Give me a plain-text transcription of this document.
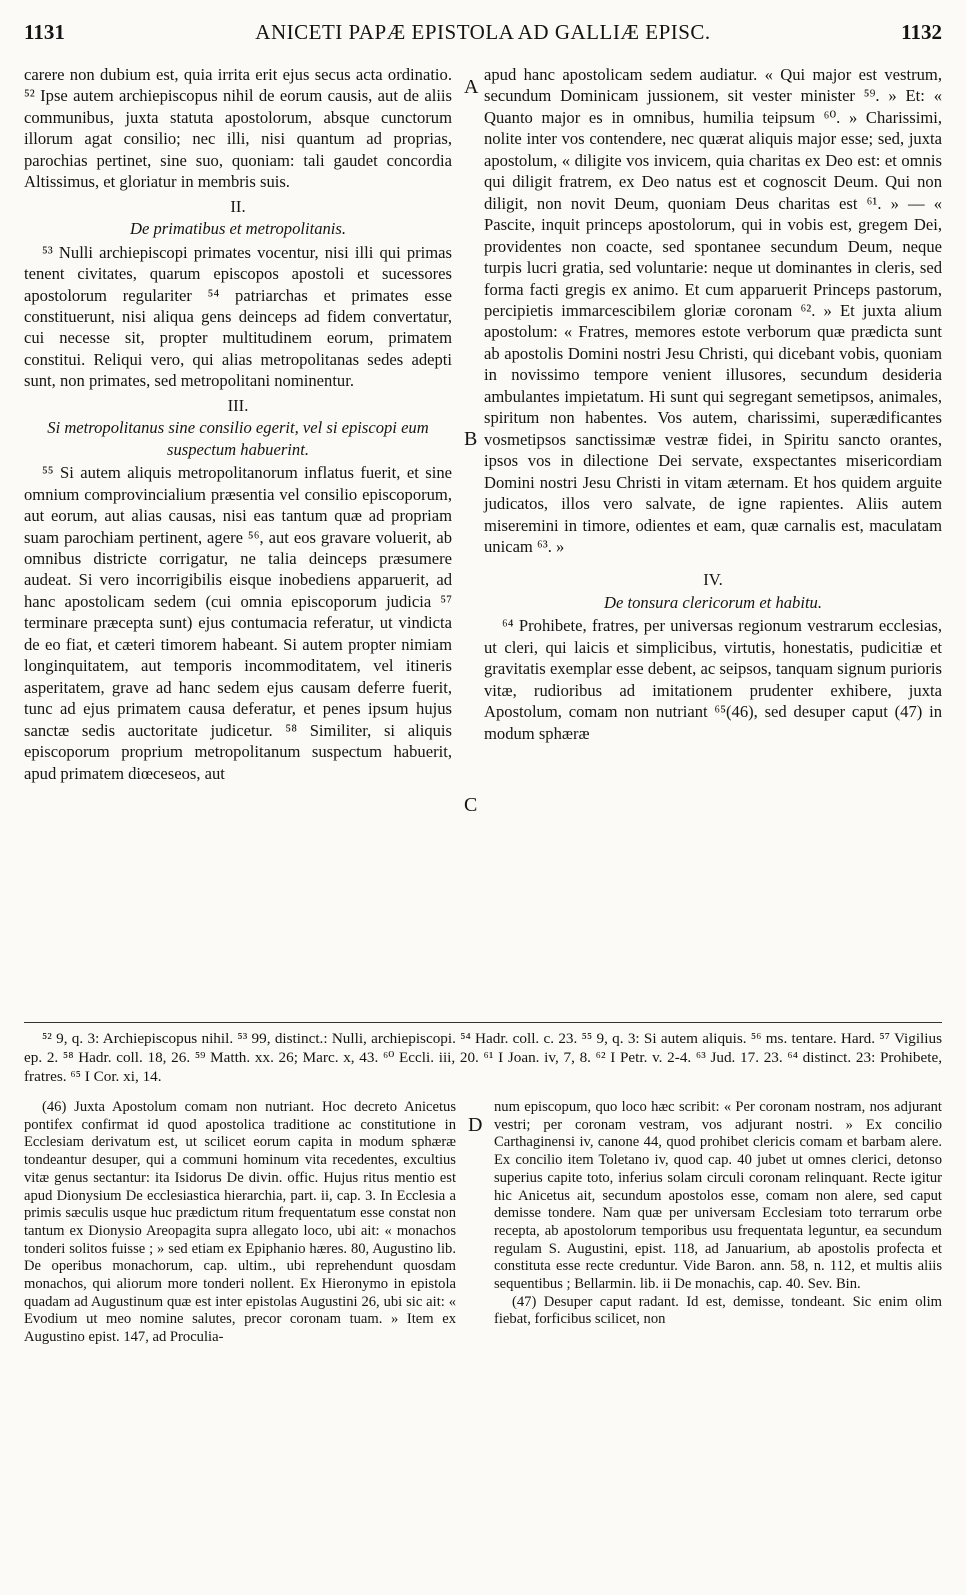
1131	ANICETI PAPÆ EPISTOLA AD GALLIÆ EPISC.	1132
A
B
C
D

carere non dubium est, quia irrita erit ejus secus acta ordinatio. ⁵² Ipse autem archiepiscopus nihil de eorum causis, aut de aliis communibus, juxta statuta apostolorum, absque cunctorum illorum agat consilio; nec illi, nisi quantum ad proprias, parochias pertinet, sine suo, quoniam: tali gaudet concordia Altissimus, et gloriatur in membris suis.

II.
De primatibus et metropolitanis.

⁵³ Nulli archiepiscopi primates vocentur, nisi illi qui primas tenent civitates, quarum episcopos apostoli et sucessores apostolorum regulariter ⁵⁴ patriarchas et primates esse constituerunt, nisi aliqua gens deinceps ad fidem convertatur, cui necesse sit, propter multitudinem eorum, primatem constitui. Reliqui vero, qui alias metropolitanas sedes adepti sunt, non primates, sed metropolitani nominentur.

III.
Si metropolitanus sine consilio egerit, vel si episcopi eum suspectum habuerint.

⁵⁵ Si autem aliquis metropolitanorum inflatus fuerit, et sine omnium comprovincialium præsentia vel consilio episcoporum, aut eorum, aut alias causas, nisi eas tantum quæ ad propriam suam parochiam pertinent, agere ⁵⁶, aut eos gravare voluerit, ab omnibus districte corrigatur, ne talia deinceps præsumere audeat. Si vero incorrigibilis eisque inobediens apparuerit, ad hanc apostolicam sedem (cui omnia episcoporum judicia ⁵⁷ terminare præcepta sunt) ejus contumacia referatur, ut vindicta de eo fiat, et cæteri timorem habeant. Si autem propter nimiam longinquitatem, aut temporis incommoditatem, vel itineris asperitatem, grave ad hanc sedem ejus causam deferre fuerit, tunc ad ejus primatem causa deferatur, et penes ipsum hujus sanctæ sedis auctoritate judicetur. ⁵⁸ Similiter, si aliquis episcoporum proprium metropolitanum suspectum habuerit, apud primatem diœceseos, aut

apud hanc apostolicam sedem audiatur. « Qui major est vestrum, secundum Dominicam jussionem, sit vester minister ⁵⁹. » Et: « Quanto major es in omnibus, humilia teipsum ⁶⁰. » Charissimi, nolite inter vos contendere, nec quærat aliquis major esse; sed, juxta apostolum, « diligite vos invicem, quia charitas ex Deo est: et omnis qui diligit fratrem, ex Deo natus est et cognoscit Deum. Qui non diligit, non novit Deum, quoniam Deus charitas est ⁶¹. » — « Pascite, inquit princeps apostolorum, qui in vobis est, gregem Dei, providentes non coacte, sed spontanee secundum Deum, neque turpis lucri gratia, sed voluntarie: neque ut dominantes in cleris, sed forma facti gregis ex animo. Et cum apparuerit Princeps pastorum, percipietis immarcescibilem gloriæ coronam ⁶². » Et juxta alium apostolum: « Fratres, memores estote verborum quæ prædicta sunt ab apostolis Domini nostri Jesu Christi, qui dicebant vobis, quoniam in novissimo tempore venient illusores, secundum desideria ambulantes impietatum. Hi sunt qui segregant semetipsos, animales, spiritum non habentes. Vos autem, charissimi, superædificantes vosmetipsos sanctissimæ vestræ fidei, in Spiritu sancto orantes, ipsos vos in dilectione Dei servate, exspectantes misericordiam Domini nostri Jesu Christi in vitam æternam. Et hos quidem arguite judicatos, illos vero salvate, de igne rapientes. Aliis autem miseremini in timore, odientes et eam, quæ carnalis est, maculatam unicam ⁶³. »

IV.
De tonsura clericorum et habitu.

⁶⁴ Prohibete, fratres, per universas regionum vestrarum ecclesias, ut cleri, qui laicis et simplicibus, virtutis, honestatis, pudicitiæ et gravitatis exemplar esse debent, ac seipsos, tanquam signum purioris vitæ, rudioribus ad imitationem prudenter exhibere, juxta Apostolum, comam non nutriant ⁶⁵(46), sed desuper caput (47) in modum sphæræ

⁵² 9, q. 3: Archiepiscopus nihil. ⁵³ 99, distinct.: Nulli, archiepiscopi. ⁵⁴ Hadr. coll. c. 23. ⁵⁵ 9, q. 3: Si autem aliquis. ⁵⁶ ms. tentare. Hard. ⁵⁷ Vigilius ep. 2. ⁵⁸ Hadr. coll. 18, 26. ⁵⁹ Matth. xx. 26; Marc. x, 43. ⁶⁰ Eccli. iii, 20. ⁶¹ I Joan. iv, 7, 8. ⁶² I Petr. v. 2-4. ⁶³ Jud. 17. 23. ⁶⁴ distinct. 23: Prohibete, fratres. ⁶⁵ I Cor. xi, 14.

(46) Juxta Apostolum comam non nutriant. Hoc decreto Anicetus pontifex confirmat id quod apostolica traditione ac constitutione in Ecclesiam derivatum est, ut scilicet eorum capita in modum sphæræ tondeantur desuper, qui a communi hominum vita recedentes, excultius vitæ genus sectantur: ita Isidorus De divin. offic. Hujus ritus mentio est apud Dionysium De ecclesiastica hierarchia, part. ii, cap. 3. In Ecclesia a primis sæculis usque huc prædictum ritum frequentatum esse constat non tantum ex Dionysio Areopagita supra allegato loco, ubi ait: « monachos tonderi solitos fuisse ; » sed etiam ex Epiphanio hæres. 80, Augustino lib. De operibus monachorum, cap. ultim., ubi reprehendunt quosdam monachos, qui aliorum more tonderi nollent. Ex Hieronymo in epistola quadam ad Augustinum quæ est inter epistolas Augustini 26, ubi sic ait: « Evodium ut meo nomine salutes, precor coronam tuam. » Item ex Augustino epist. 147, ad Proculia-

num episcopum, quo loco hæc scribit: « Per coronam nostram, nos adjurant vestri; per coronam vestram, vos adjurant nostri. » Ex concilio Carthaginensi iv, canone 44, quod prohibet clericis comam et barbam alere. Ex concilio item Toletano iv, quod cap. 40 jubet ut omnes clerici, detonso superius capite toto, inferius solam circuli coronam relinquant. Recte igitur hic Anicetus ait, secundum apostolos esse, comam non alere, sed caput demisse tondere. Nam quæ per universam Ecclesiam toto terrarum orbe recepta, ab apostolorum temporibus usu frequentata leguntur, ea secundum regulam S. Augustini, epist. 118, ad Januarium, ab apostolis profecta et constituta esse recte creduntur. Vide Baron. ann. 58, n. 112, et multis aliis sequentibus ; Bellarmin. lib. ii De monachis, cap. 40. Sev. Bin.

(47) Desuper caput radant. Id est, demisse, tondeant. Sic enim olim fiebat, forficibus scilicet, non
